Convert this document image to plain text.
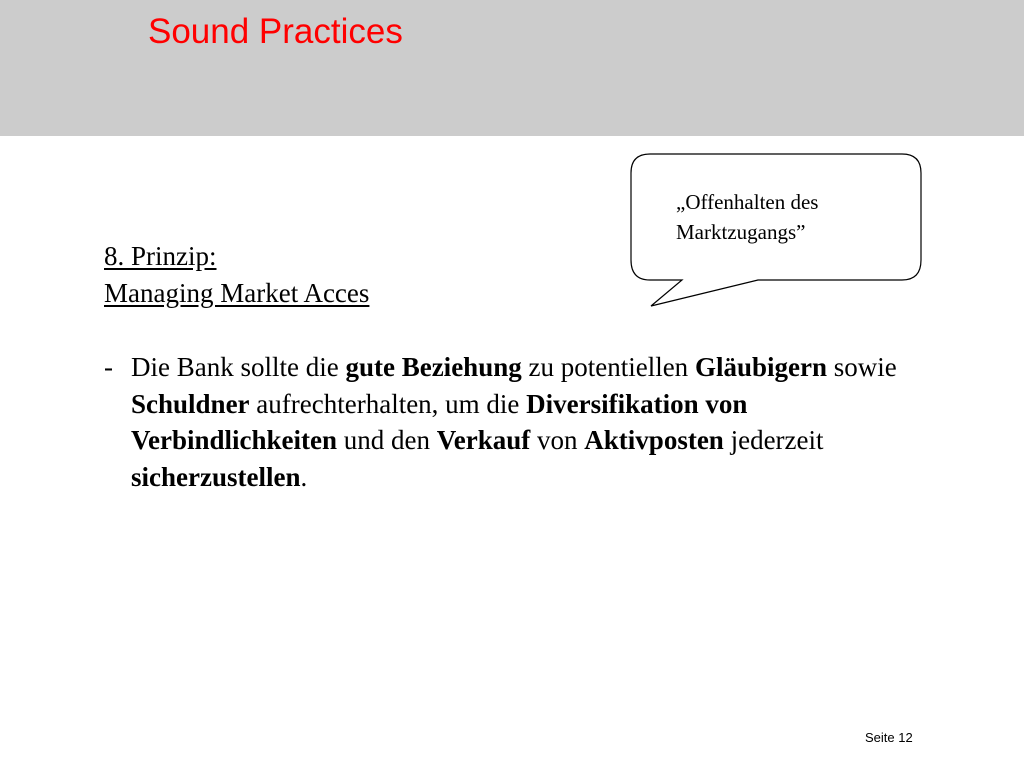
Sound Practices
„Offenhalten des
Marktzugangs”
8. Prinzip:
Managing Market Acces
- Die Bank sollte die gute Beziehung zu potentiellen Gläubigern sowie Schuldner aufrechterhalten, um die Diversifikation von Verbindlichkeiten und den Verkauf von Aktivposten jederzeit sicherzustellen.
Seite 12
